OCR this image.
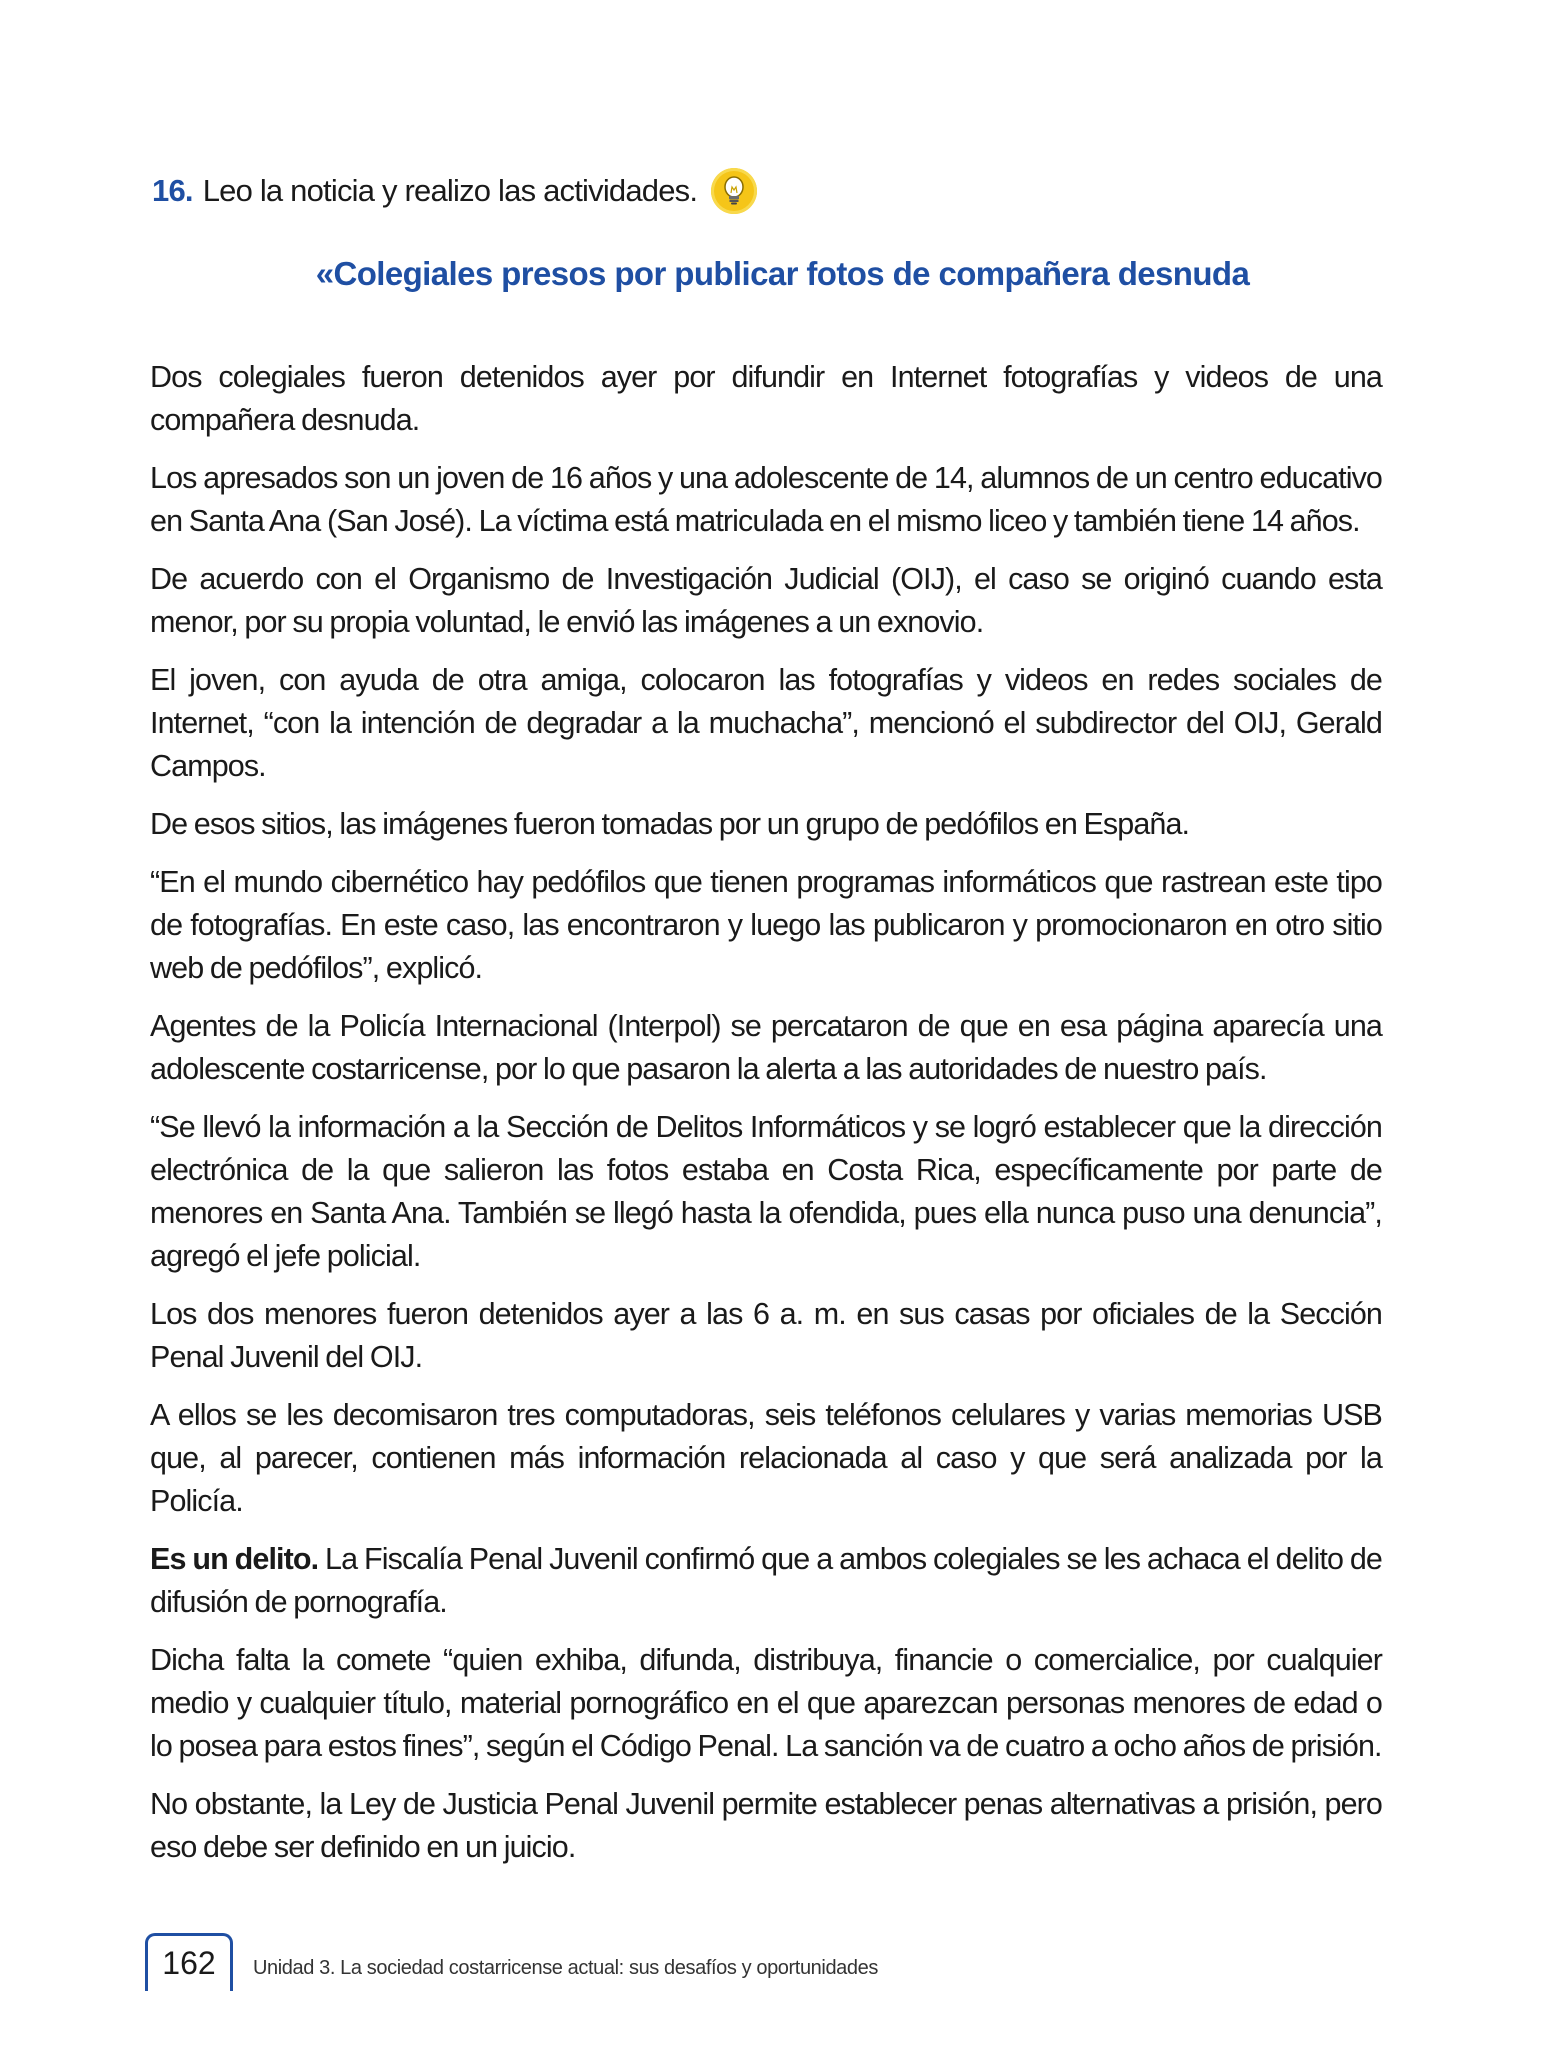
16. Leo la noticia y realizo las actividades.
«Colegiales presos por publicar fotos de compañera desnuda

Dos colegiales fueron detenidos ayer por difundir en Internet fotografías y videos de una compañera desnuda.

Los apresados son un joven de 16 años y una adolescente de 14, alumnos de un centro educativo en Santa Ana (San José). La víctima está matriculada en el mismo liceo y también tiene 14 años.

De acuerdo con el Organismo de Investigación Judicial (OIJ), el caso se originó cuando esta menor, por su propia voluntad, le envió las imágenes a un exnovio.

El joven, con ayuda de otra amiga, colocaron las fotografías y videos en redes sociales de Internet, “con la intención de degradar a la muchacha”, mencionó el subdirector del OIJ, Gerald Campos.

De esos sitios, las imágenes fueron tomadas por un grupo de pedófilos en España.

“En el mundo cibernético hay pedófilos que tienen programas informáticos que rastrean este tipo de fotografías. En este caso, las encontraron y luego las publicaron y promocionaron en otro sitio web de pedófilos”, explicó.

Agentes de la Policía Internacional (Interpol) se percataron de que en esa página aparecía una adolescente costarricense, por lo que pasaron la alerta a las autoridades de nuestro país.

“Se llevó la información a la Sección de Delitos Informáticos y se logró establecer que la dirección electrónica de la que salieron las fotos estaba en Costa Rica, específicamente por parte de menores en Santa Ana. También se llegó hasta la ofendida, pues ella nunca puso una denuncia”, agregó el jefe policial.

Los dos menores fueron detenidos ayer a las 6 a. m. en sus casas por oficiales de la Sección Penal Juvenil del OIJ.

A ellos se les decomisaron tres computadoras, seis teléfonos celulares y varias memorias USB que, al parecer, contienen más información relacionada al caso y que será analizada por la Policía.

Es un delito. La Fiscalía Penal Juvenil confirmó que a ambos colegiales se les achaca el delito de difusión de pornografía.

Dicha falta la comete “quien exhiba, difunda, distribuya, financie o comercialice, por cualquier medio y cualquier título, material pornográfico en el que aparezcan personas menores de edad o lo posea para estos fines”, según el Código Penal. La sanción va de cuatro a ocho años de prisión.

No obstante, la Ley de Justicia Penal Juvenil permite establecer penas alternativas a prisión, pero eso debe ser definido en un juicio.

162	Unidad 3. La sociedad costarricense actual: sus desafíos y oportunidades
